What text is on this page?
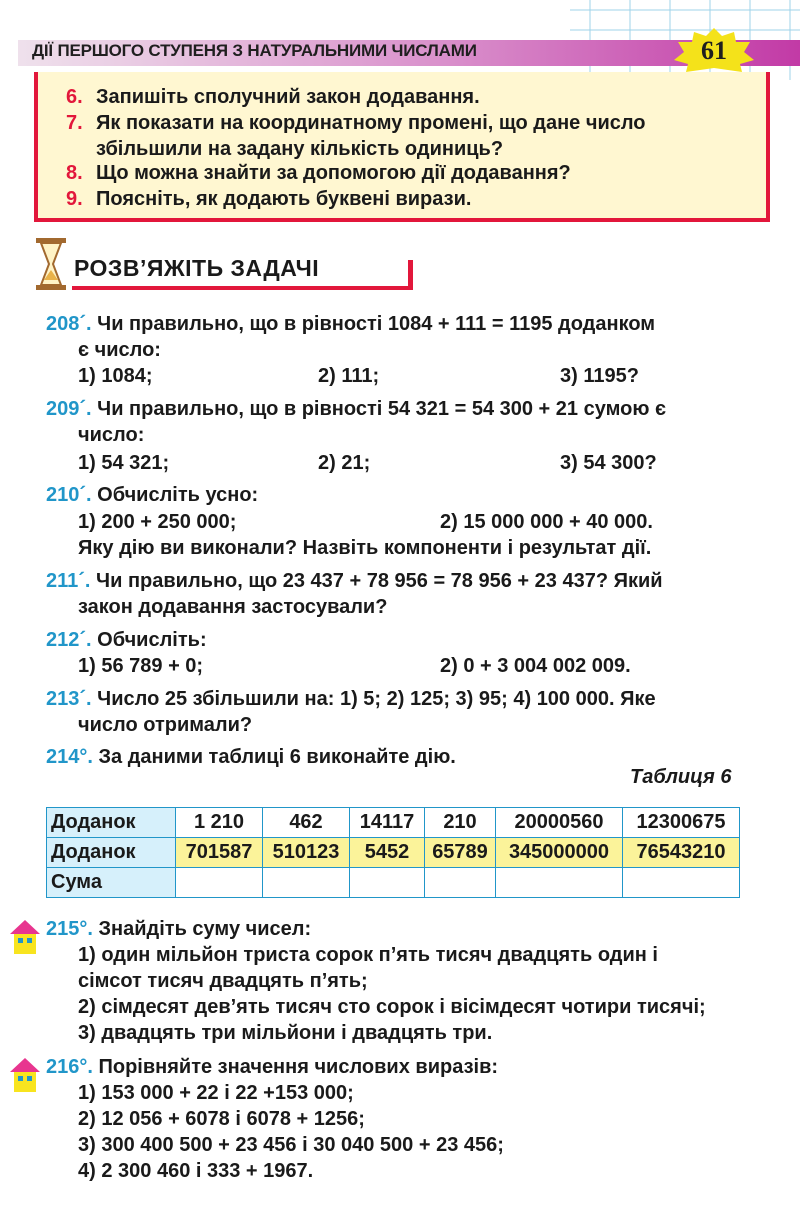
ДІЇ ПЕРШОГО СТУПЕНЯ З НАТУРАЛЬНИМИ ЧИСЛАМИ	61
6. Запишіть сполучний закон додавання.
7. Як показати на координатному промені, що дане число
збільшили на задану кількість одиниць?
8. Що можна знайти за допомогою дії додавання?
9. Поясніть, як додають буквені вирази.
РОЗВ’ЯЖІТЬ ЗАДАЧІ
208´. Чи правильно, що в рівності 1084 + 111 = 1195 доданком
є число:
1) 1084;	2) 111;	3) 1195?
209´. Чи правильно, що в рівності 54 321 = 54 300 + 21 сумою є
число:
1) 54 321;	2) 21;	3) 54 300?
210´. Обчисліть усно:
1) 200 + 250 000;	2) 15 000 000 + 40 000.
Яку дію ви виконали? Назвіть компоненти і результат дії.
211´. Чи правильно, що 23 437 + 78 956 = 78 956 + 23 437? Який
закон додавання застосували?
212´. Обчисліть:
1) 56 789 + 0;	2) 0 + 3 004 002 009.
213´. Число 25 збільшили на: 1) 5; 2) 125; 3) 95; 4) 100 000. Яке
число отримали?
214°. За даними таблиці 6 виконайте дію.
Таблиця 6
Доданок	1 210	462	14117	210	20000560	12300675
Доданок	701587	510123	5452	65789	345000000	76543210
Сума						
215°. Знайдіть суму чисел:
1) один мільйон триста сорок п’ять тисяч двадцять один і
сімсот тисяч двадцять п’ять;
2) сімдесят дев’ять тисяч сто сорок і вісімдесят чотири тисячі;
3) двадцять три мільйони і двадцять три.
216°. Порівняйте значення числових виразів:
1) 153 000 + 22 і 22 +153 000;
2) 12 056 + 6078 і 6078 + 1256;
3) 300 400 500 + 23 456 і 30 040 500 + 23 456;
4) 2 300 460 і 333 + 1967.
